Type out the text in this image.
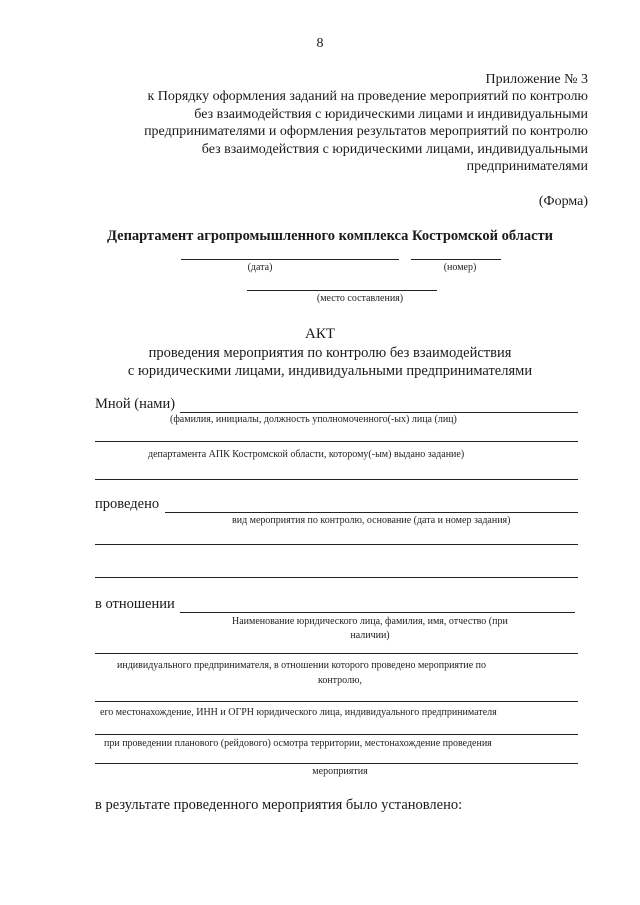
8
Приложение № 3
к Порядку оформления заданий на проведение мероприятий по контролю
без взаимодействия с юридическими лицами и индивидуальными
предпринимателями и оформления результатов мероприятий по контролю
без взаимодействия с юридическими лицами, индивидуальными
предпринимателями
(Форма)
Департамент агропромышленного комплекса Костромской области
(дата)	(номер)
(место составления)
АКТ
проведения мероприятия по контролю без взаимодействия
с юридическими лицами, индивидуальными предпринимателями
Мной (нами)
(фамилия, инициалы, должность уполномоченного(-ых) лица (лиц)
департамента АПК Костромской области, которому(-ым) выдано задание)
проведено
вид мероприятия по контролю, основание (дата и номер задания)
в отношении
Наименование юридического лица, фамилия, имя, отчество (при
наличии)
индивидуального предпринимателя, в отношении которого проведено мероприятие по
контролю,
его местонахождение, ИНН и ОГРН юридического лица, индивидуального предпринимателя
при проведении планового (рейдового) осмотра территории, местонахождение проведения
мероприятия
в результате проведенного мероприятия было установлено:
